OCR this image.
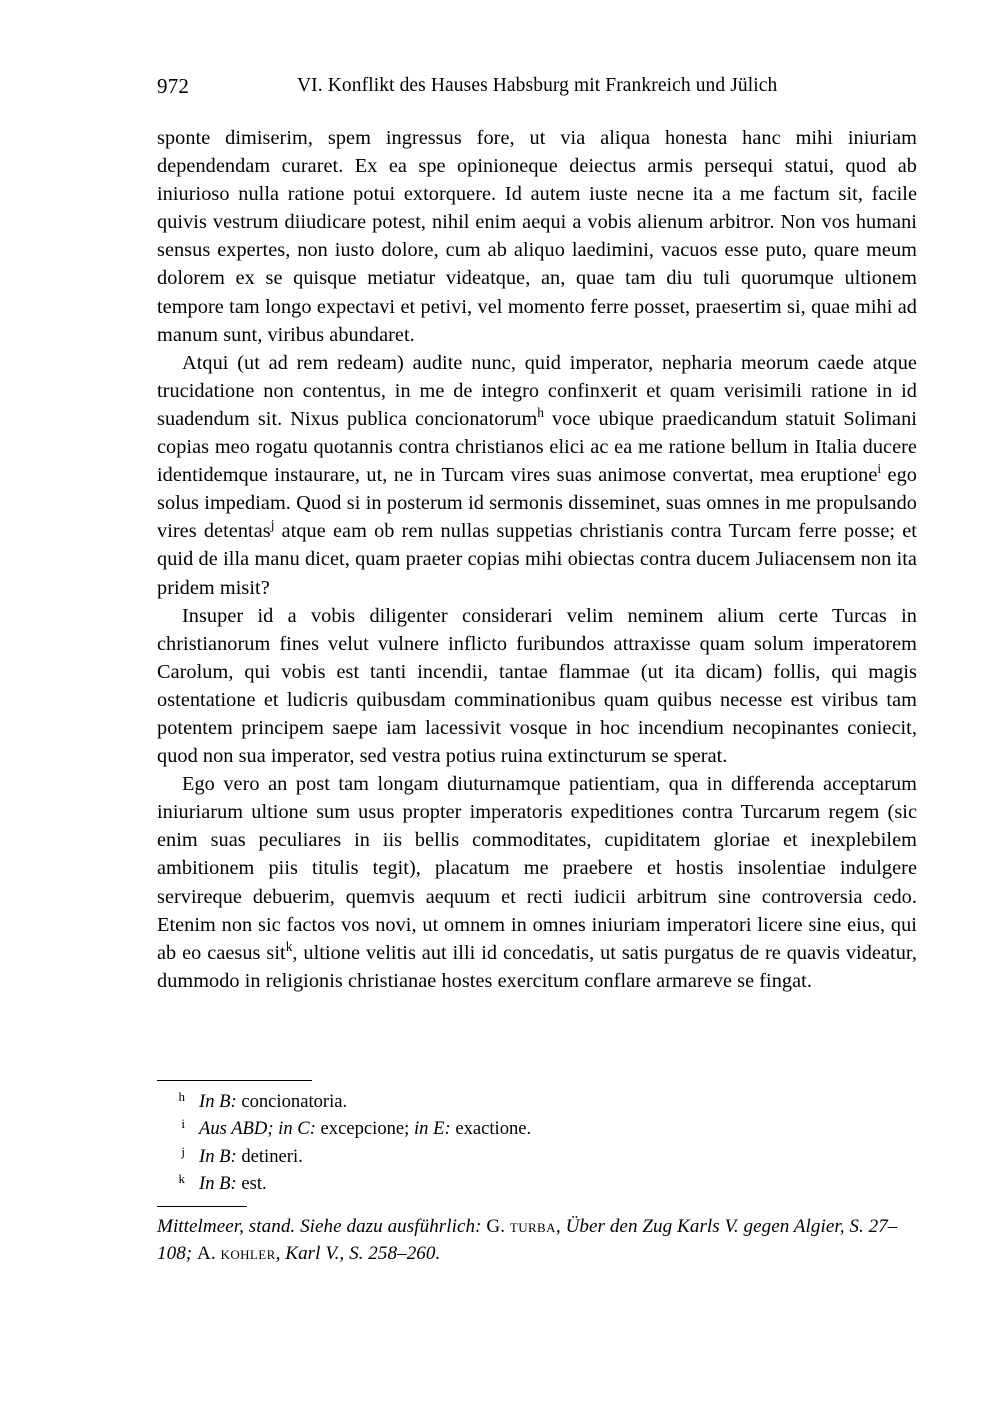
972	VI. Konflikt des Hauses Habsburg mit Frankreich und Jülich

sponte dimiserim, spem ingressus fore, ut via aliqua honesta hanc mihi iniuriam dependendam curaret. Ex ea spe opinioneque deiectus armis persequi statui, quod ab iniurioso nulla ratione potui extorquere. Id autem iuste necne ita a me factum sit, facile quivis vestrum diiudicare potest, nihil enim aequi a vobis alienum arbitror. Non vos humani sensus expertes, non iusto dolore, cum ab aliquo laedimini, vacuos esse puto, quare meum dolorem ex se quisque metiatur videatque, an, quae tam diu tuli quorumque ultionem tempore tam longo expectavi et petivi, vel momento ferre posset, praesertim si, quae mihi ad manum sunt, viribus abundaret.

Atqui (ut ad rem redeam) audite nunc, quid imperator, nepharia meorum caede atque trucidatione non contentus, in me de integro confinxerit et quam verisimili ratione in id suadendum sit. Nixus publica concionatorum$^h$ voce ubique praedicandum statuit Solimani copias meo rogatu quotannis contra christianos elici ac ea me ratione bellum in Italia ducere identidemque instaurare, ut, ne in Turcam vires suas animose convertat, mea eruptione$^i$ ego solus impediam. Quod si in posterum id sermonis disseminet, suas omnes in me propulsando vires detentas$^j$ atque eam ob rem nullas suppetias christianis contra Turcam ferre posse; et quid de illa manu dicet, quam praeter copias mihi obiectas contra ducem Juliacensem non ita pridem misit?

Insuper id a vobis diligenter considerari velim neminem alium certe Turcas in christianorum fines velut vulnere inflicto furibundos attraxisse quam solum imperatorem Carolum, qui vobis est tanti incendii, tantae flammae (ut ita dicam) follis, qui magis ostentatione et ludicris quibusdam comminationibus quam quibus necesse est viribus tam potentem principem saepe iam lacessivit vosque in hoc incendium necopinantes coniecit, quod non sua imperator, sed vestra potius ruina extincturum se sperat.

Ego vero an post tam longam diuturnamque patientiam, qua in differenda acceptarum iniuriarum ultione sum usus propter imperatoris expeditiones contra Turcarum regem (sic enim suas peculiares in iis bellis commoditates, cupiditatem gloriae et inexplebilem ambitionem piis titulis tegit), placatum me praebere et hostis insolentiae indulgere servireque debuerim, quemvis aequum et recti iudicii arbitrum sine controversia cedo. Etenim non sic factos vos novi, ut omnem in omnes iniuriam imperatori licere sine eius, qui ab eo caesus sit$^k$, ultione velitis aut illi id concedatis, ut satis purgatus de re quavis videatur, dummodo in religionis christianae hostes exercitum conflare armareve se fingat.

h In B: concionatoria.
i Aus ABD; in C: excepcione; in E: exactione.
j In B: detineri.
k In B: est.
Mittelmeer, stand. Siehe dazu ausführlich: G. turba, Über den Zug Karls V. gegen Algier, S. 27–108; A. kohler, Karl V., S. 258–260.
